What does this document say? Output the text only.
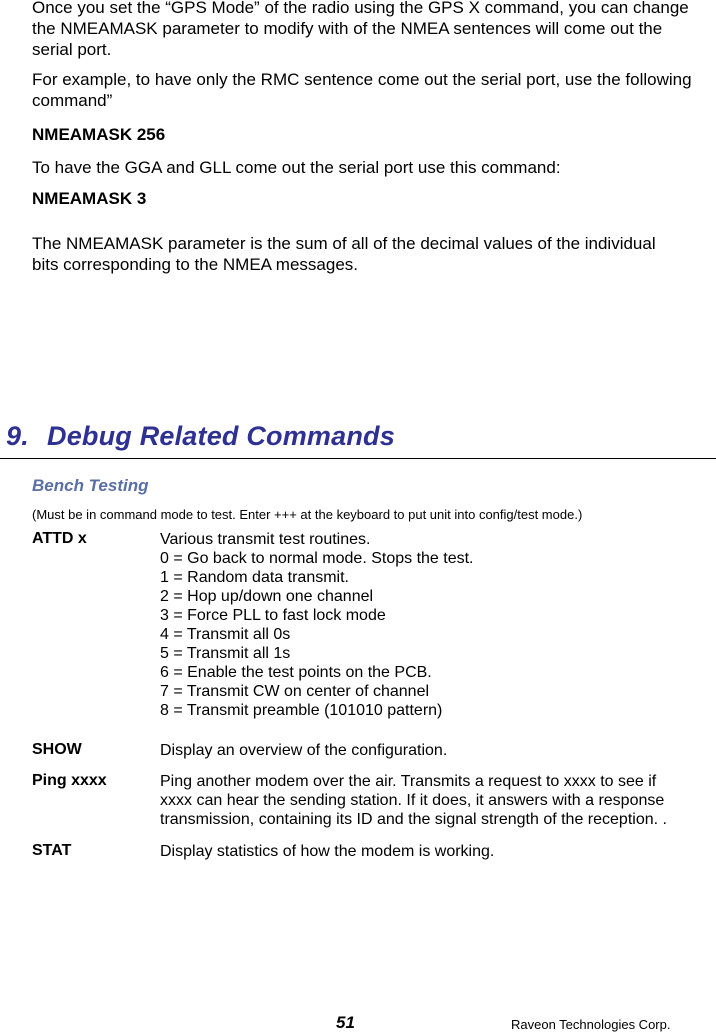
Once you set the “GPS Mode” of the radio using the GPS X command, you can change the NMEAMASK parameter to modify with of the NMEA sentences will come out the serial port.
For example, to have only the RMC sentence come out the serial port, use the following command”
NMEAMASK 256
To have the GGA and GLL come out the serial port use this command:
NMEAMASK 3
The NMEAMASK parameter is the sum of all of the decimal values of the individual bits corresponding to the NMEA messages.
9. Debug Related Commands
Bench Testing
(Must be in command mode to test. Enter +++ at the keyboard to put unit into config/test mode.)
ATTD x	Various transmit test routines.
0 = Go back to normal mode. Stops the test.
1 = Random data transmit.
2 = Hop up/down one channel
3 = Force PLL to fast lock mode
4 = Transmit all 0s
5 = Transmit all 1s
6 = Enable the test points on the PCB.
7 = Transmit CW on center of channel
8 = Transmit preamble (101010 pattern)
SHOW	Display an overview of the configuration.
Ping xxxx	Ping another modem over the air. Transmits a request to xxxx to see if
xxxx can hear the sending station. If it does, it answers with a response
transmission, containing its ID and the signal strength of the reception. .
STAT	Display statistics of how the modem is working.
51	Raveon Technologies Corp.
